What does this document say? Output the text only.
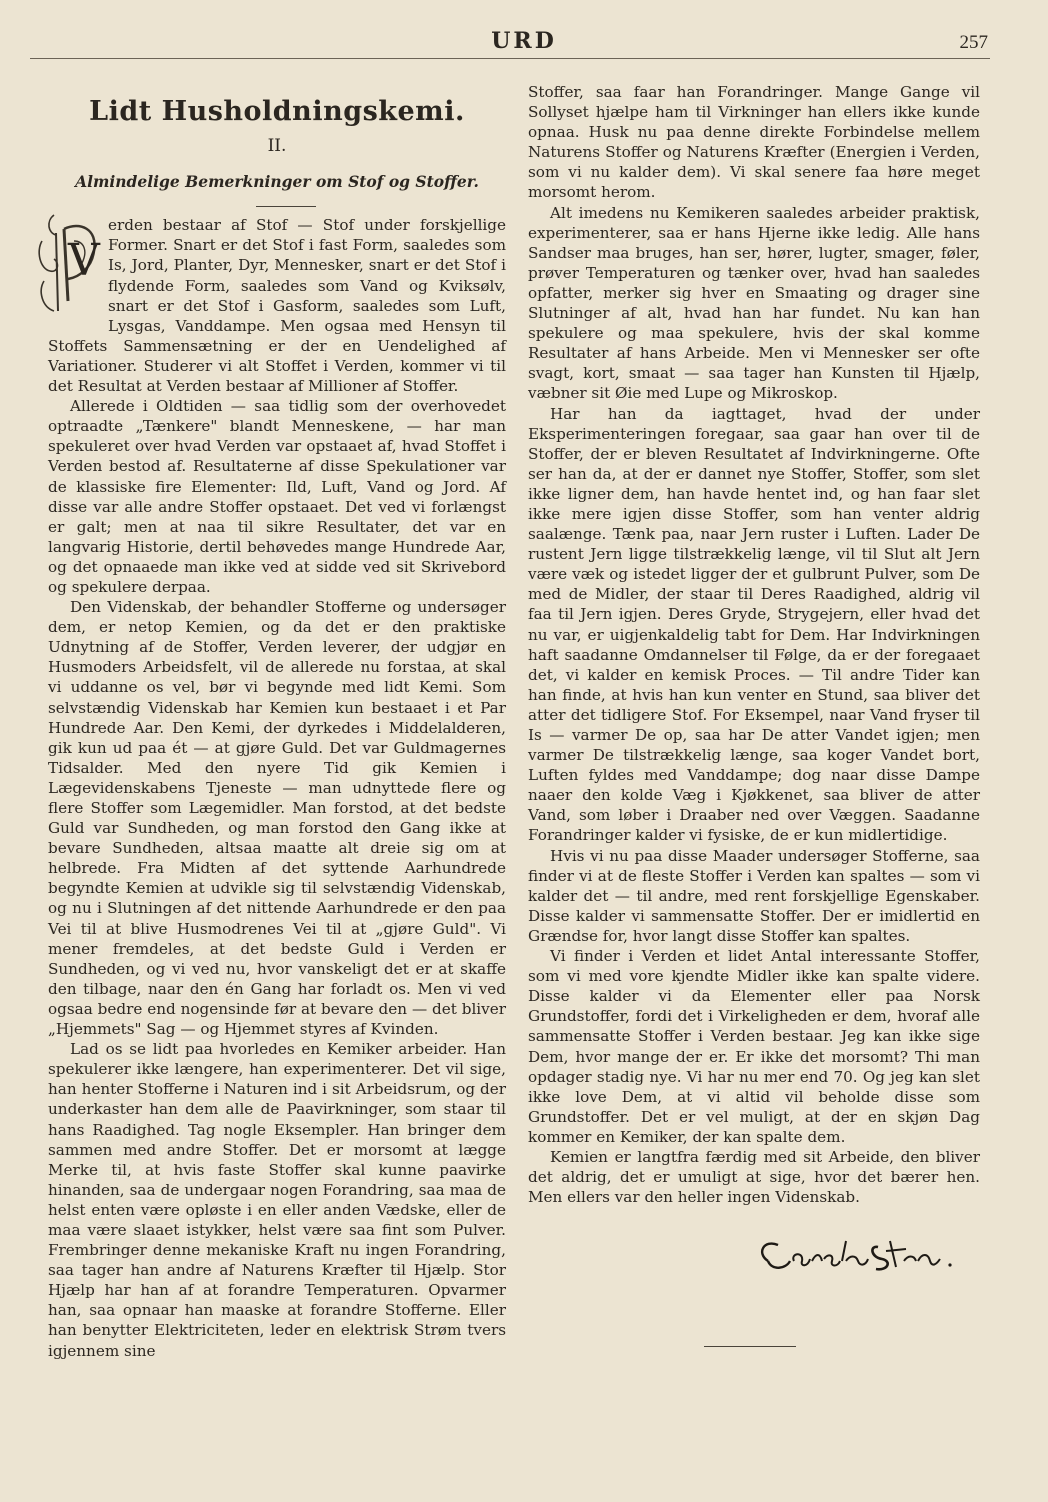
URD	257
Lidt Husholdningskemi.
II.
Almindelige Bemerkninger om Stof og Stoffer.
V

erden bestaar af Stof — Stof under forskjellige Former. Snart er det Stof i fast Form, saaledes som Is, Jord, Planter, Dyr, Mennesker, snart er det Stof i flydende Form, saaledes som Vand og Kviksølv, snart er det Stof i Gasform, saaledes som Luft, Lysgas, Vanddampe. Men ogsaa med Hensyn til Stoffets Sammensætning er der en Uendelighed af Variationer. Studerer vi alt Stoffet i Verden, kommer vi til det Resultat at Verden bestaar af Millioner af Stoffer.

Allerede i Oldtiden — saa tidlig som der overhovedet optraadte „Tænkere" blandt Menneskene, — har man spekuleret over hvad Verden var opstaaet af, hvad Stoffet i Verden bestod af. Resultaterne af disse Spekulationer var de klassiske fire Elementer: Ild, Luft, Vand og Jord. Af disse var alle andre Stoffer opstaaet. Det ved vi forlængst er galt; men at naa til sikre Resultater, det var en langvarig Historie, dertil behøvedes mange Hundrede Aar, og det opnaaede man ikke ved at sidde ved sit Skrivebord og spekulere derpaa.

Den Videnskab, der behandler Stofferne og undersøger dem, er netop Kemien, og da det er den praktiske Udnytning af de Stoffer, Verden leverer, der udgjør en Husmoders Arbeidsfelt, vil de allerede nu forstaa, at skal vi uddanne os vel, bør vi begynde med lidt Kemi. Som selvstændig Videnskab har Kemien kun bestaaet i et Par Hundrede Aar. Den Kemi, der dyrkedes i Middelalderen, gik kun ud paa ét — at gjøre Guld. Det var Guldmagernes Tidsalder. Med den nyere Tid gik Kemien i Lægevidenskabens Tjeneste — man udnyttede flere og flere Stoffer som Lægemidler. Man forstod, at det bedste Guld var Sundheden, og man forstod den Gang ikke at bevare Sundheden, altsaa maatte alt dreie sig om at helbrede. Fra Midten af det syttende Aarhundrede begyndte Kemien at udvikle sig til selvstændig Videnskab, og nu i Slutningen af det nittende Aarhundrede er den paa Vei til at blive Husmodrenes Vei til at „gjøre Guld". Vi mener fremdeles, at det bedste Guld i Verden er Sundheden, og vi ved nu, hvor vanskeligt det er at skaffe den tilbage, naar den én Gang har forladt os. Men vi ved ogsaa bedre end nogensinde før at bevare den — det bliver „Hjemmets" Sag — og Hjemmet styres af Kvinden.

Lad os se lidt paa hvorledes en Kemiker arbeider. Han spekulerer ikke længere, han experimenterer. Det vil sige, han henter Stofferne i Naturen ind i sit Arbeidsrum, og der underkaster han dem alle de Paavirkninger, som staar til hans Raadighed. Tag nogle Eksempler. Han bringer dem sammen med andre Stoffer. Det er morsomt at lægge Merke til, at hvis faste Stoffer skal kunne paavirke hinanden, saa de undergaar nogen Forandring, saa maa de helst enten være opløste i en eller anden Vædske, eller de maa være slaaet istykker, helst være saa fint som Pulver. Frembringer denne mekaniske Kraft nu ingen Forandring, saa tager han andre af Naturens Kræfter til Hjælp. Stor Hjælp har han af at forandre Temperaturen. Opvarmer han, saa opnaar han maaske at forandre Stofferne. Eller han benytter Elektriciteten, leder en elektrisk Strøm tvers igjennem sine

Stoffer, saa faar han Forandringer. Mange Gange vil Sollyset hjælpe ham til Virkninger han ellers ikke kunde opnaa. Husk nu paa denne direkte Forbindelse mellem Naturens Stoffer og Naturens Kræfter (Energien i Verden, som vi nu kalder dem). Vi skal senere faa høre meget morsomt herom.

Alt imedens nu Kemikeren saaledes arbeider praktisk, experimenterer, saa er hans Hjerne ikke ledig. Alle hans Sandser maa bruges, han ser, hører, lugter, smager, føler, prøver Temperaturen og tænker over, hvad han saaledes opfatter, merker sig hver en Smaating og drager sine Slutninger af alt, hvad han har fundet. Nu kan han spekulere og maa spekulere, hvis der skal komme Resultater af hans Arbeide. Men vi Mennesker ser ofte svagt, kort, smaat — saa tager han Kunsten til Hjælp, væbner sit Øie med Lupe og Mikroskop.

Har han da iagttaget, hvad der under Eksperimenteringen foregaar, saa gaar han over til de Stoffer, der er bleven Resultatet af Indvirkningerne. Ofte ser han da, at der er dannet nye Stoffer, Stoffer, som slet ikke ligner dem, han havde hentet ind, og han faar slet ikke mere igjen disse Stoffer, som han venter aldrig saalænge. Tænk paa, naar Jern ruster i Luften. Lader De rustent Jern ligge tilstrækkelig længe, vil til Slut alt Jern være væk og istedet ligger der et gulbrunt Pulver, som De med de Midler, der staar til Deres Raadighed, aldrig vil faa til Jern igjen. Deres Gryde, Strygejern, eller hvad det nu var, er uigjenkaldelig tabt for Dem. Har Indvirkningen haft saadanne Omdannelser til Følge, da er der foregaaet det, vi kalder en kemisk Proces. — Til andre Tider kan han finde, at hvis han kun venter en Stund, saa bliver det atter det tidligere Stof. For Eksempel, naar Vand fryser til Is — varmer De op, saa har De atter Vandet igjen; men varmer De tilstrækkelig længe, saa koger Vandet bort, Luften fyldes med Vanddampe; dog naar disse Dampe naaer den kolde Væg i Kjøkkenet, saa bliver de atter Vand, som løber i Draaber ned over Væggen. Saadanne Forandringer kalder vi fysiske, de er kun midlertidige.

Hvis vi nu paa disse Maader undersøger Stofferne, saa finder vi at de fleste Stoffer i Verden kan spaltes — som vi kalder det — til andre, med rent forskjellige Egenskaber. Disse kalder vi sammensatte Stoffer. Der er imidlertid en Grændse for, hvor langt disse Stoffer kan spaltes.

Vi finder i Verden et lidet Antal interessante Stoffer, som vi med vore kjendte Midler ikke kan spalte videre. Disse kalder vi da Elementer eller paa Norsk Grundstoffer, fordi det i Virkeligheden er dem, hvoraf alle sammensatte Stoffer i Verden bestaar. Jeg kan ikke sige Dem, hvor mange der er. Er ikke det morsomt? Thi man opdager stadig nye. Vi har nu mer end 70. Og jeg kan slet ikke love Dem, at vi altid vil beholde disse som Grundstoffer. Det er vel muligt, at der en skjøn Dag kommer en Kemiker, der kan spalte dem.

Kemien er langtfra færdig med sit Arbeide, den bliver det aldrig, det er umuligt at sige, hvor det bærer hen. Men ellers var den heller ingen Videnskab.
